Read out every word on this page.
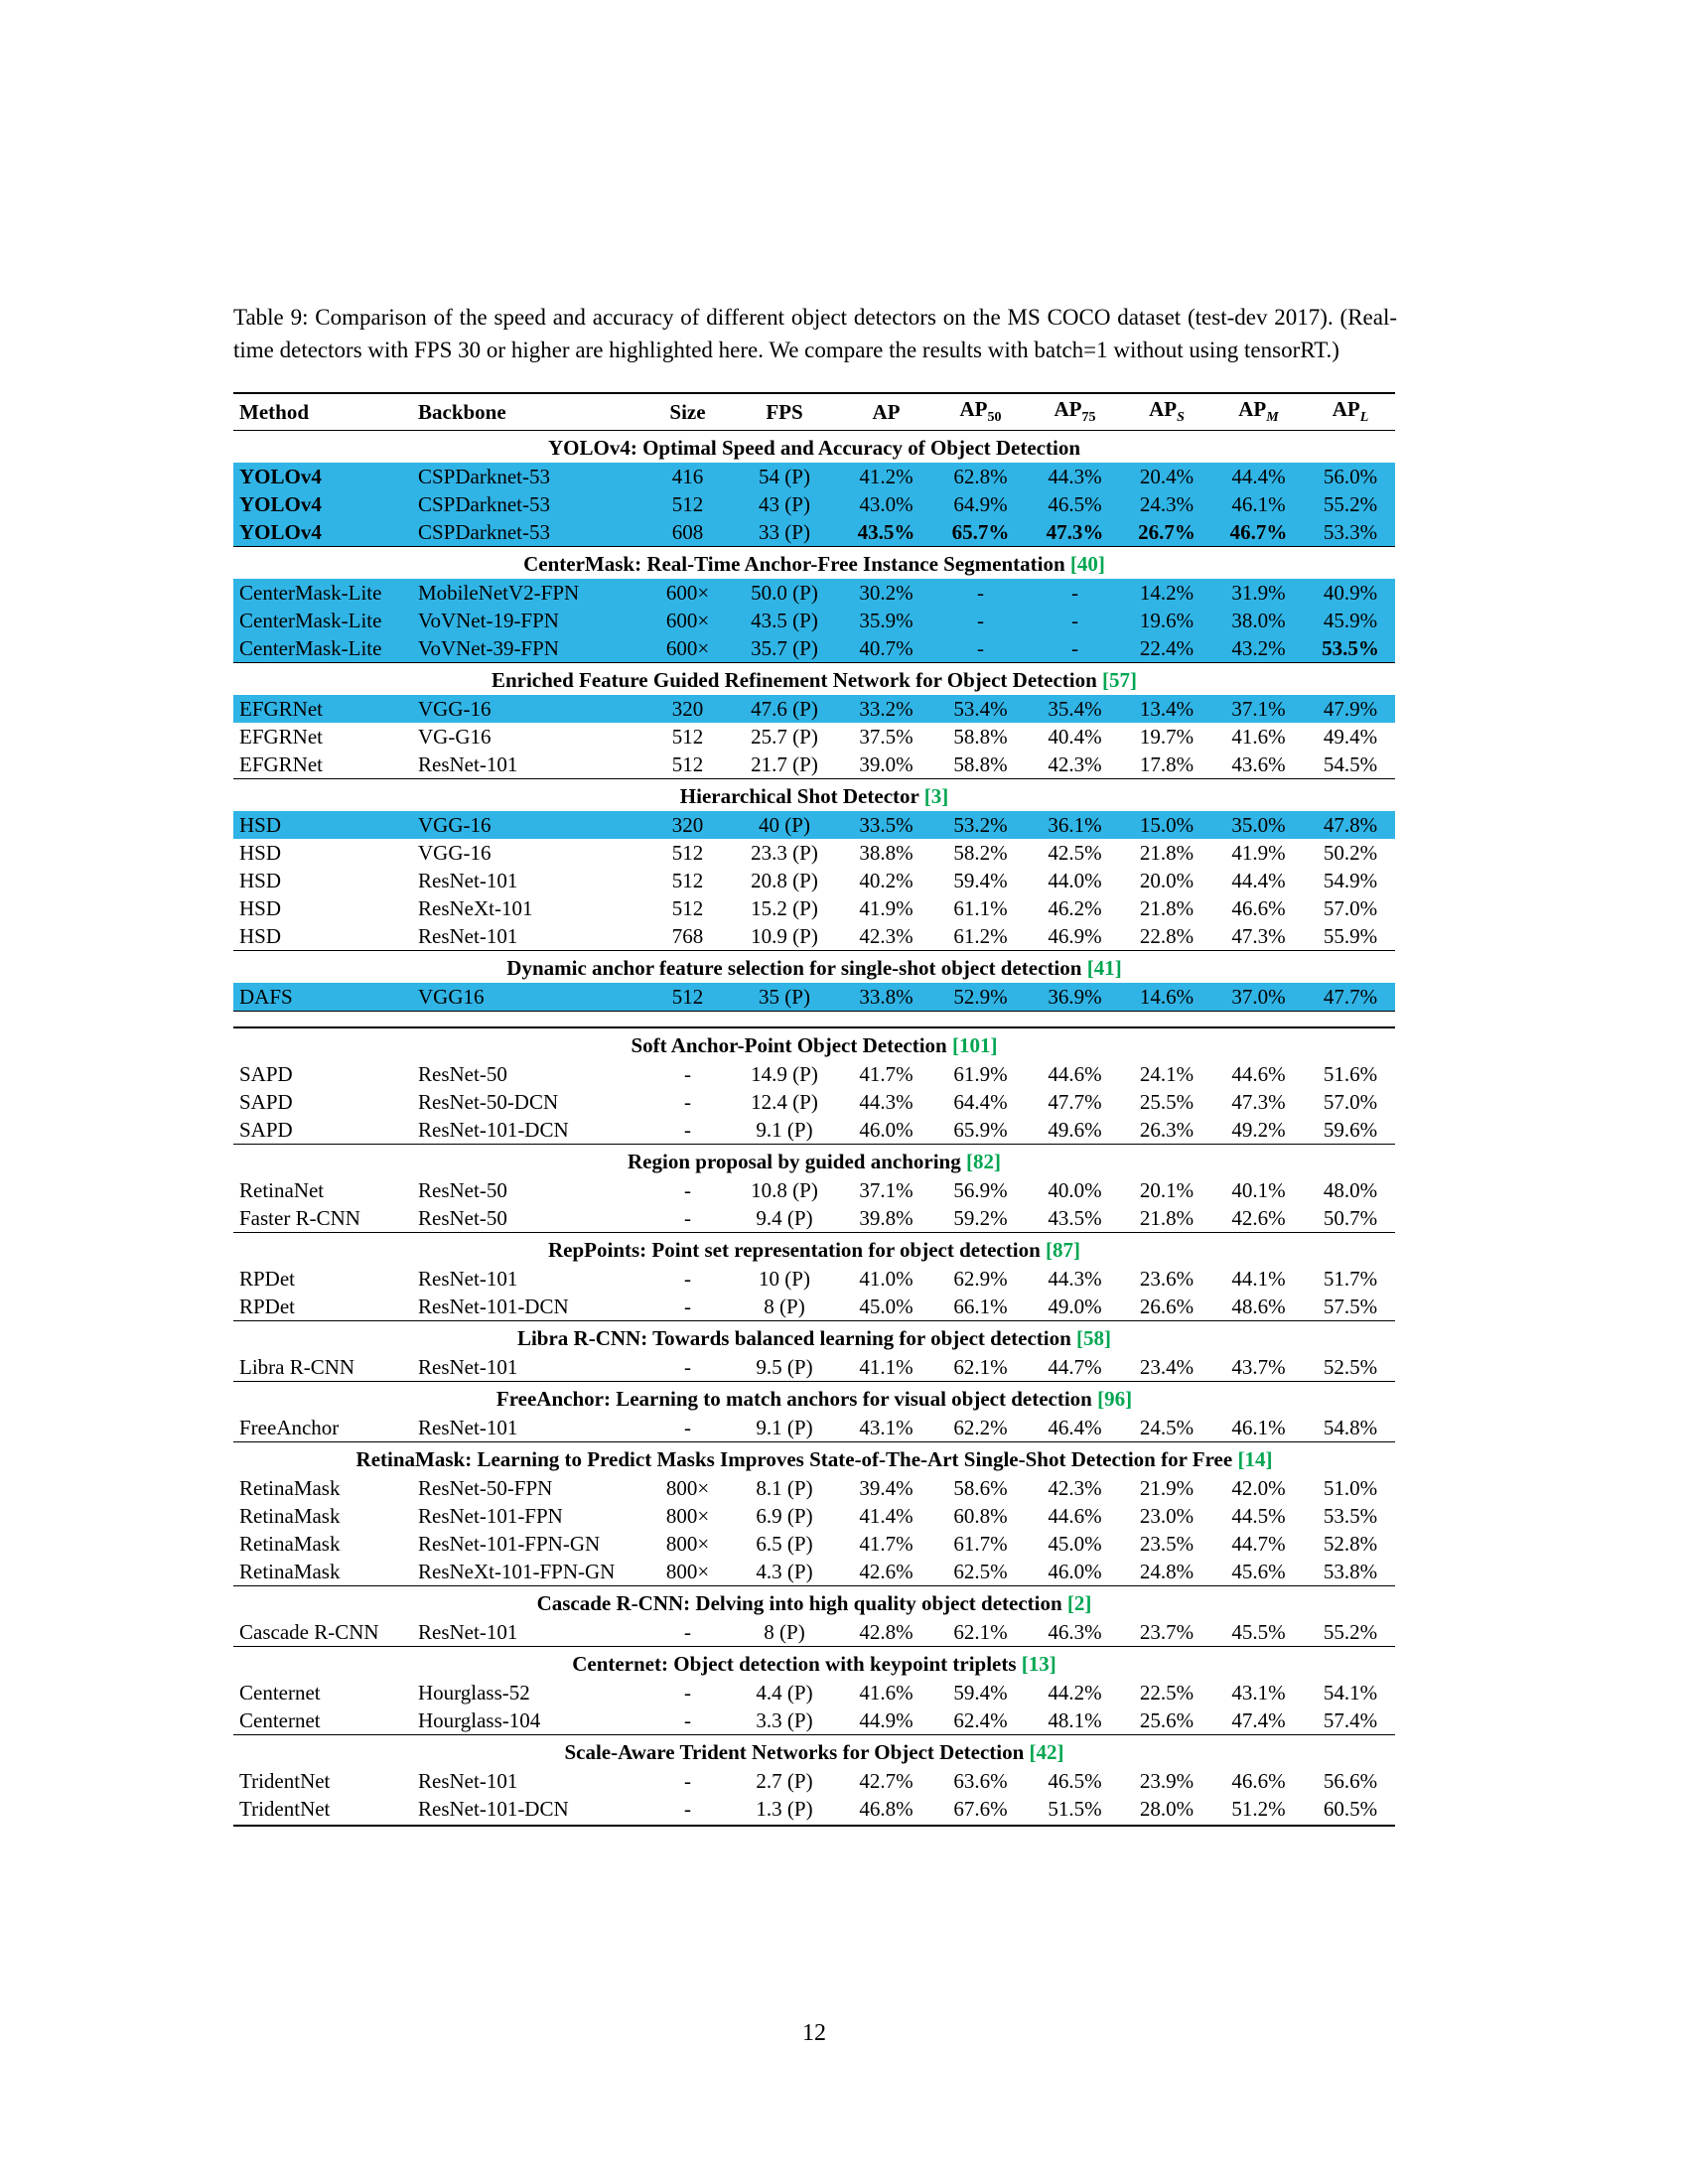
Table 9: Comparison of the speed and accuracy of different object detectors on the MS COCO dataset (test-dev 2017). (Real-time detectors with FPS 30 or higher are highlighted here. We compare the results with batch=1 without using tensorRT.)

Method	Backbone	Size	FPS	AP	$AP_{50}$	$AP_{75}$	$AP_S$	$AP_M$	$AP_L$
YOLOv4: Optimal Speed and Accuracy of Object Detection
YOLOv4	CSPDarknet-53	416	54 (P)	41.2%	62.8%	44.3%	20.4%	44.4%	56.0%
YOLOv4	CSPDarknet-53	512	43 (P)	43.0%	64.9%	46.5%	24.3%	46.1%	55.2%
YOLOv4	CSPDarknet-53	608	33 (P)	43.5%	65.7%	47.3%	26.7%	46.7%	53.3%
CenterMask: Real-Time Anchor-Free Instance Segmentation [40]
CenterMask-Lite	MobileNetV2-FPN	600×	50.0 (P)	30.2%	-	-	14.2%	31.9%	40.9%
CenterMask-Lite	VoVNet-19-FPN	600×	43.5 (P)	35.9%	-	-	19.6%	38.0%	45.9%
CenterMask-Lite	VoVNet-39-FPN	600×	35.7 (P)	40.7%	-	-	22.4%	43.2%	53.5%
Enriched Feature Guided Refinement Network for Object Detection [57]
EFGRNet	VGG-16	320	47.6 (P)	33.2%	53.4%	35.4%	13.4%	37.1%	47.9%
EFGRNet	VG-G16	512	25.7 (P)	37.5%	58.8%	40.4%	19.7%	41.6%	49.4%
EFGRNet	ResNet-101	512	21.7 (P)	39.0%	58.8%	42.3%	17.8%	43.6%	54.5%
Hierarchical Shot Detector [3]
HSD	VGG-16	320	40 (P)	33.5%	53.2%	36.1%	15.0%	35.0%	47.8%
HSD	VGG-16	512	23.3 (P)	38.8%	58.2%	42.5%	21.8%	41.9%	50.2%
HSD	ResNet-101	512	20.8 (P)	40.2%	59.4%	44.0%	20.0%	44.4%	54.9%
HSD	ResNeXt-101	512	15.2 (P)	41.9%	61.1%	46.2%	21.8%	46.6%	57.0%
HSD	ResNet-101	768	10.9 (P)	42.3%	61.2%	46.9%	22.8%	47.3%	55.9%
Dynamic anchor feature selection for single-shot object detection [41]
DAFS	VGG16	512	35 (P)	33.8%	52.9%	36.9%	14.6%	37.0%	47.7%
Soft Anchor-Point Object Detection [101]
SAPD	ResNet-50	-	14.9 (P)	41.7%	61.9%	44.6%	24.1%	44.6%	51.6%
SAPD	ResNet-50-DCN	-	12.4 (P)	44.3%	64.4%	47.7%	25.5%	47.3%	57.0%
SAPD	ResNet-101-DCN	-	9.1 (P)	46.0%	65.9%	49.6%	26.3%	49.2%	59.6%
Region proposal by guided anchoring [82]
RetinaNet	ResNet-50	-	10.8 (P)	37.1%	56.9%	40.0%	20.1%	40.1%	48.0%
Faster R-CNN	ResNet-50	-	9.4 (P)	39.8%	59.2%	43.5%	21.8%	42.6%	50.7%
RepPoints: Point set representation for object detection [87]
RPDet	ResNet-101	-	10 (P)	41.0%	62.9%	44.3%	23.6%	44.1%	51.7%
RPDet	ResNet-101-DCN	-	8 (P)	45.0%	66.1%	49.0%	26.6%	48.6%	57.5%
Libra R-CNN: Towards balanced learning for object detection [58]
Libra R-CNN	ResNet-101	-	9.5 (P)	41.1%	62.1%	44.7%	23.4%	43.7%	52.5%
FreeAnchor: Learning to match anchors for visual object detection [96]
FreeAnchor	ResNet-101	-	9.1 (P)	43.1%	62.2%	46.4%	24.5%	46.1%	54.8%
RetinaMask: Learning to Predict Masks Improves State-of-The-Art Single-Shot Detection for Free [14]
RetinaMask	ResNet-50-FPN	800×	8.1 (P)	39.4%	58.6%	42.3%	21.9%	42.0%	51.0%
RetinaMask	ResNet-101-FPN	800×	6.9 (P)	41.4%	60.8%	44.6%	23.0%	44.5%	53.5%
RetinaMask	ResNet-101-FPN-GN	800×	6.5 (P)	41.7%	61.7%	45.0%	23.5%	44.7%	52.8%
RetinaMask	ResNeXt-101-FPN-GN	800×	4.3 (P)	42.6%	62.5%	46.0%	24.8%	45.6%	53.8%
Cascade R-CNN: Delving into high quality object detection [2]
Cascade R-CNN	ResNet-101	-	8 (P)	42.8%	62.1%	46.3%	23.7%	45.5%	55.2%
Centernet: Object detection with keypoint triplets [13]
Centernet	Hourglass-52	-	4.4 (P)	41.6%	59.4%	44.2%	22.5%	43.1%	54.1%
Centernet	Hourglass-104	-	3.3 (P)	44.9%	62.4%	48.1%	25.6%	47.4%	57.4%
Scale-Aware Trident Networks for Object Detection [42]
TridentNet	ResNet-101	-	2.7 (P)	42.7%	63.6%	46.5%	23.9%	46.6%	56.6%
TridentNet	ResNet-101-DCN	-	1.3 (P)	46.8%	67.6%	51.5%	28.0%	51.2%	60.5%
12
